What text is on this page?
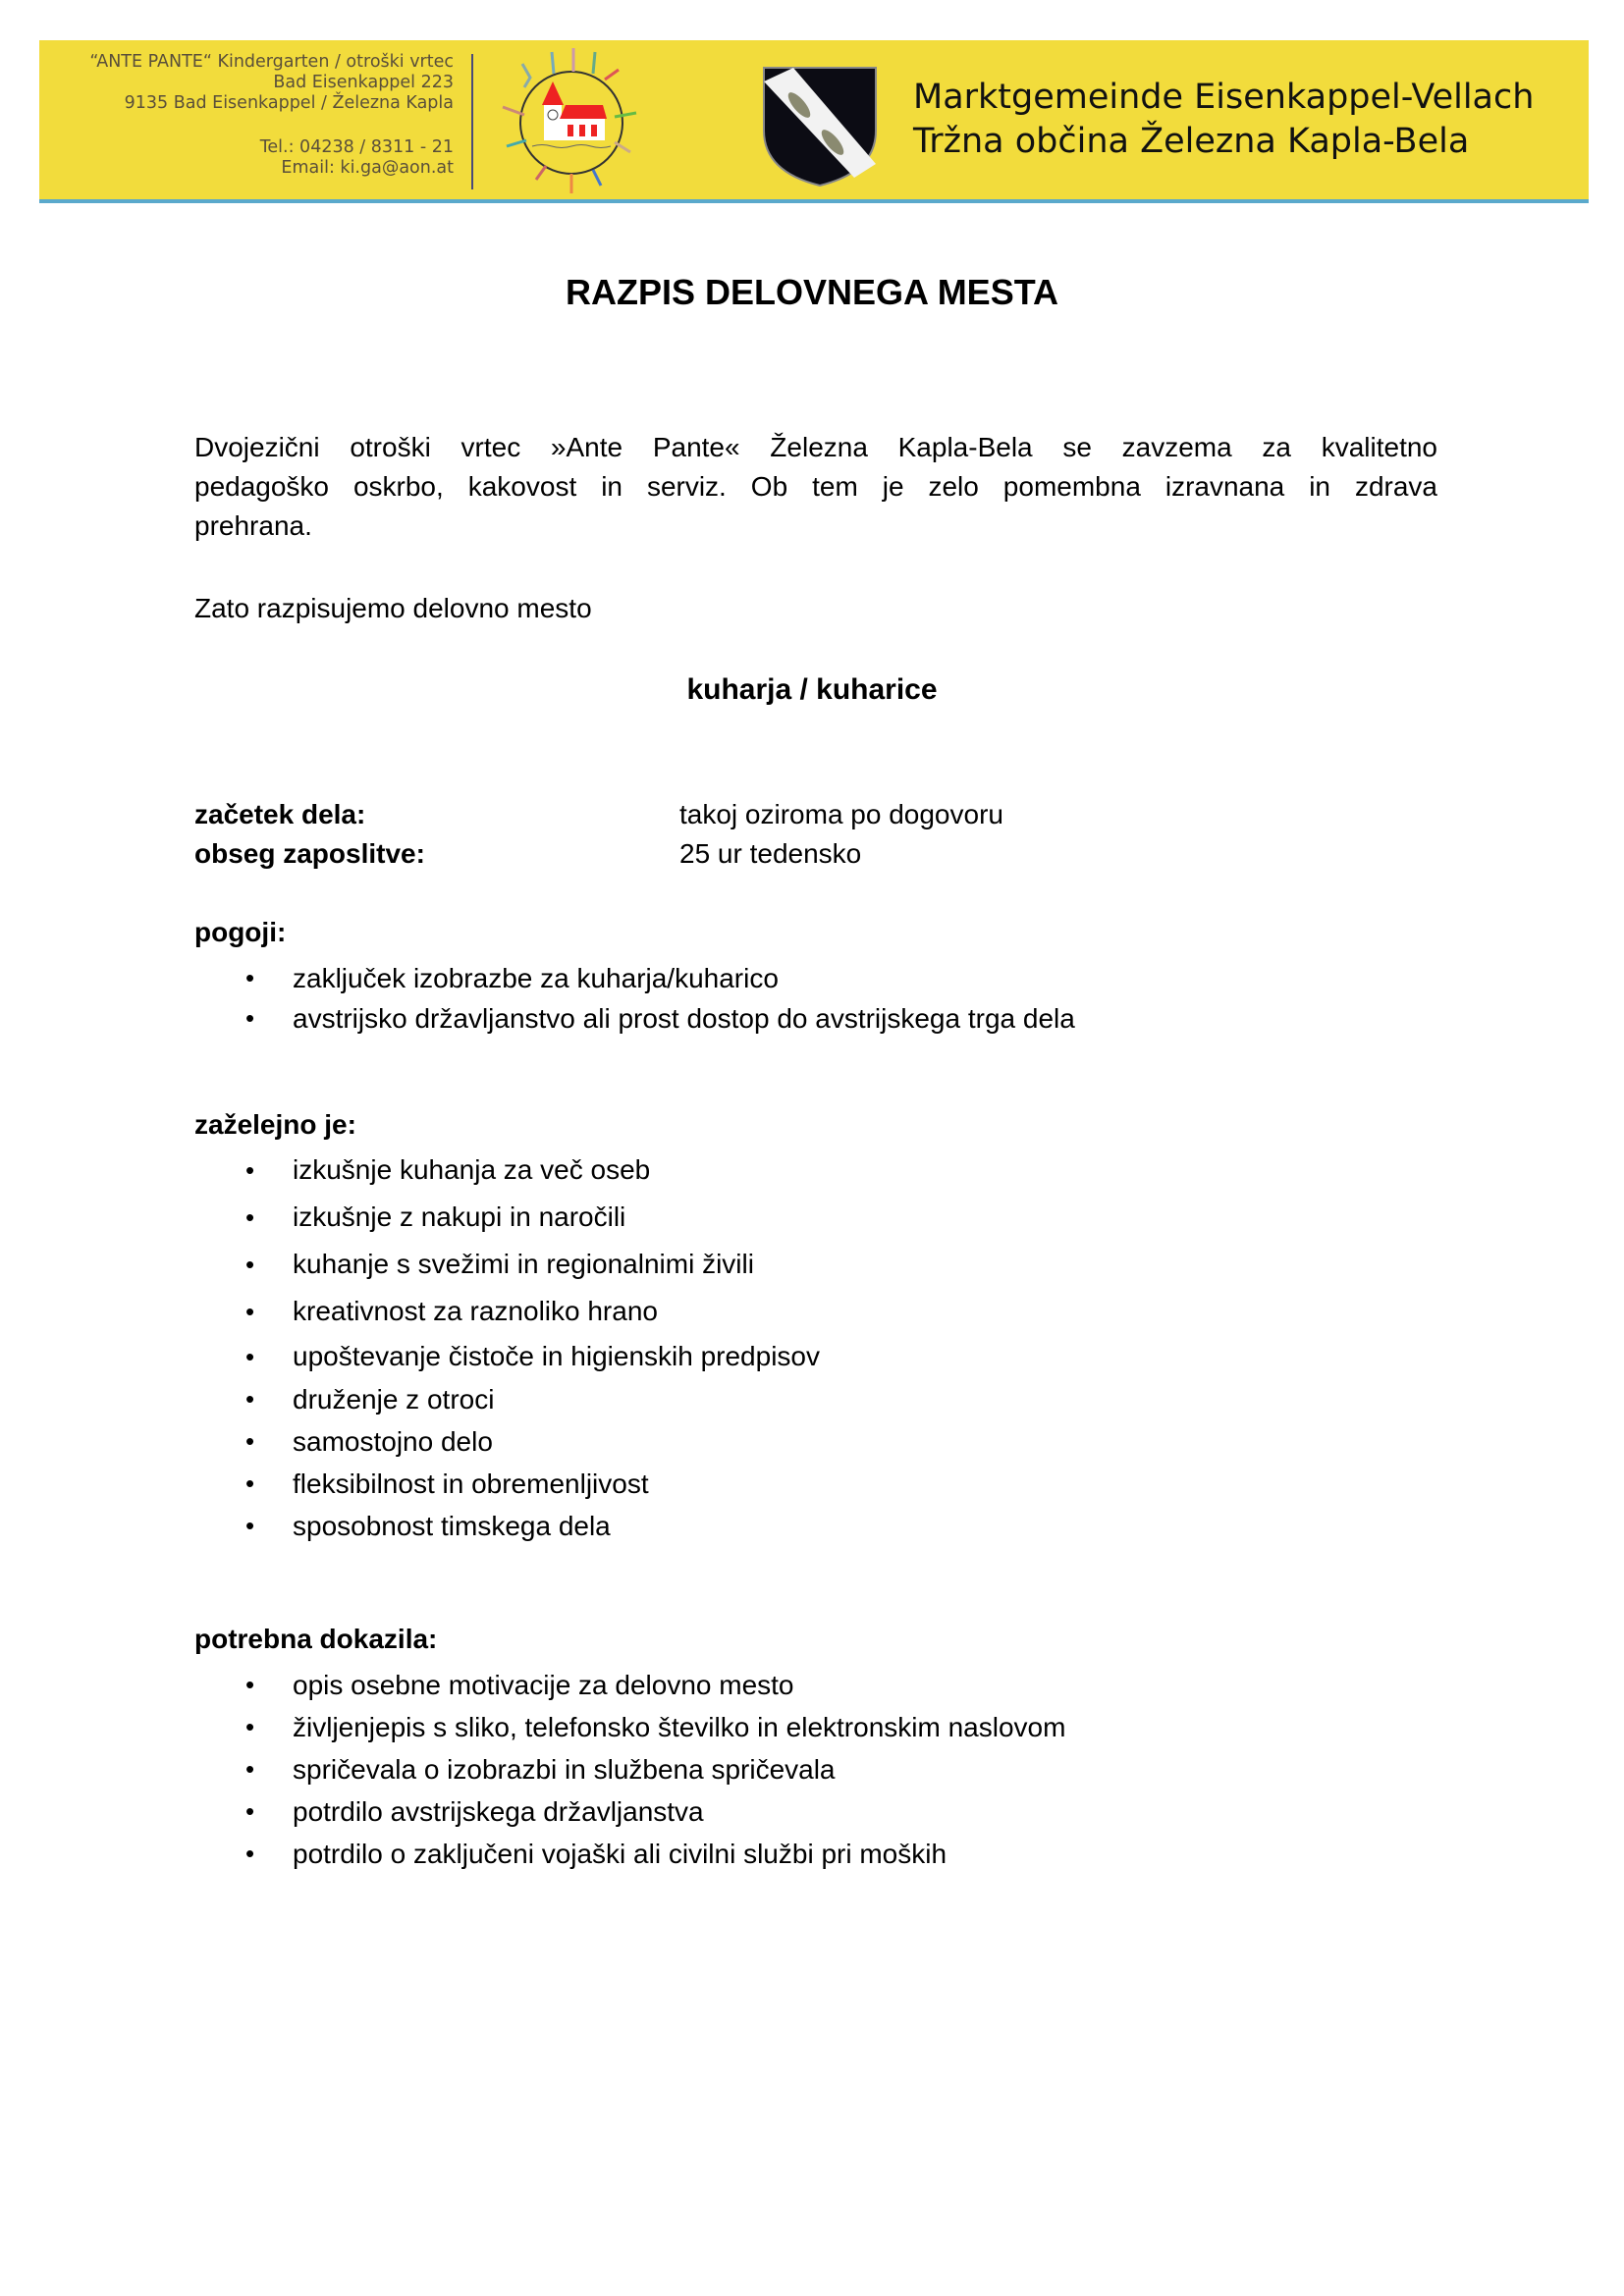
“ANTE PANTE“ Kindergarten / otroški vrtec
Bad Eisenkappel 223
9135 Bad Eisenkappel / Železna Kapla
Tel.: 04238 / 8311 - 21
Email: ki.ga@aon.at
Marktgemeinde Eisenkappel-Vellach
Tržna občina Železna Kapla-Bela
RAZPIS DELOVNEGA MESTA
Dvojezični otroški vrtec »Ante Pante« Železna Kapla-Bela se zavzema za kvalitetno
pedagoško oskrbo, kakovost in serviz. Ob tem je zelo pomembna izravnana in zdrava
prehrana.
Zato razpisujemo delovno mesto
kuharja / kuharice
začetek dela:	takoj oziroma po dogovoru
obseg zaposlitve:	25 ur tedensko
pogoji:
• zaključek izobrazbe za kuharja/kuharico
• avstrijsko državljanstvo ali prost dostop do avstrijskega trga dela
zaželejno je:
• izkušnje kuhanja za več oseb
• izkušnje z nakupi in naročili
• kuhanje s svežimi in regionalnimi živili
• kreativnost za raznoliko hrano
• upoštevanje čistoče in higienskih predpisov
• druženje z otroci
• samostojno delo
• fleksibilnost in obremenljivost
• sposobnost timskega dela
potrebna dokazila:
• opis osebne motivacije za delovno mesto
• življenjepis s sliko, telefonsko številko in elektronskim naslovom
• spričevala o izobrazbi in službena spričevala
• potrdilo avstrijskega državljanstva
• potrdilo o zaključeni vojaški ali civilni službi pri moških
